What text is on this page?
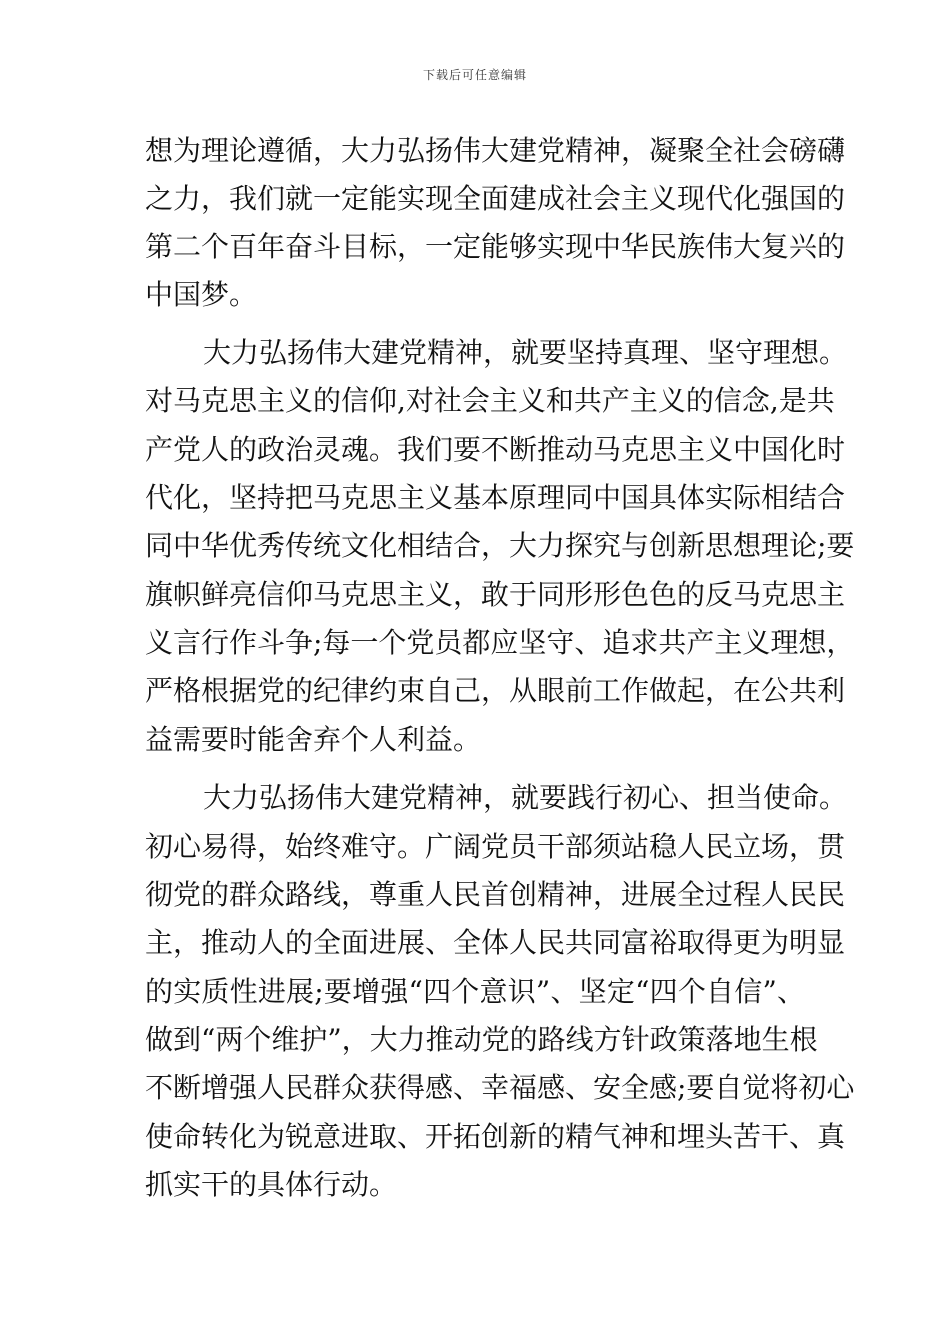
下载后可任意编辑
想为理论遵循，大力弘扬伟大建党精神，凝聚全社会磅礴
之力，我们就一定能实现全面建成社会主义现代化强国的
第二个百年奋斗目标，一定能够实现中华民族伟大复兴的
中国梦。
大力弘扬伟大建党精神，就要坚持真理、坚守理想。
对马克思主义的信仰,对社会主义和共产主义的信念,是共
产党人的政治灵魂。我们要不断推动马克思主义中国化时
代化，坚持把马克思主义基本原理同中国具体实际相结合
同中华优秀传统文化相结合，大力探究与创新思想理论;要
旗帜鲜亮信仰马克思主义，敢于同形形色色的反马克思主
义言行作斗争;每一个党员都应坚守、追求共产主义理想，
严格根据党的纪律约束自己，从眼前工作做起，在公共利
益需要时能舍弃个人利益。
大力弘扬伟大建党精神，就要践行初心、担当使命。
初心易得，始终难守。广阔党员干部须站稳人民立场，贯
彻党的群众路线，尊重人民首创精神，进展全过程人民民
主，推动人的全面进展、全体人民共同富裕取得更为明显
的实质性进展;要增强“四个意识”、坚定“四个自信”、
做到“两个维护”，大力推动党的路线方针政策落地生根
不断增强人民群众获得感、幸福感、安全感;要自觉将初心
使命转化为锐意进取、开拓创新的精气神和埋头苦干、真
抓实干的具体行动。
